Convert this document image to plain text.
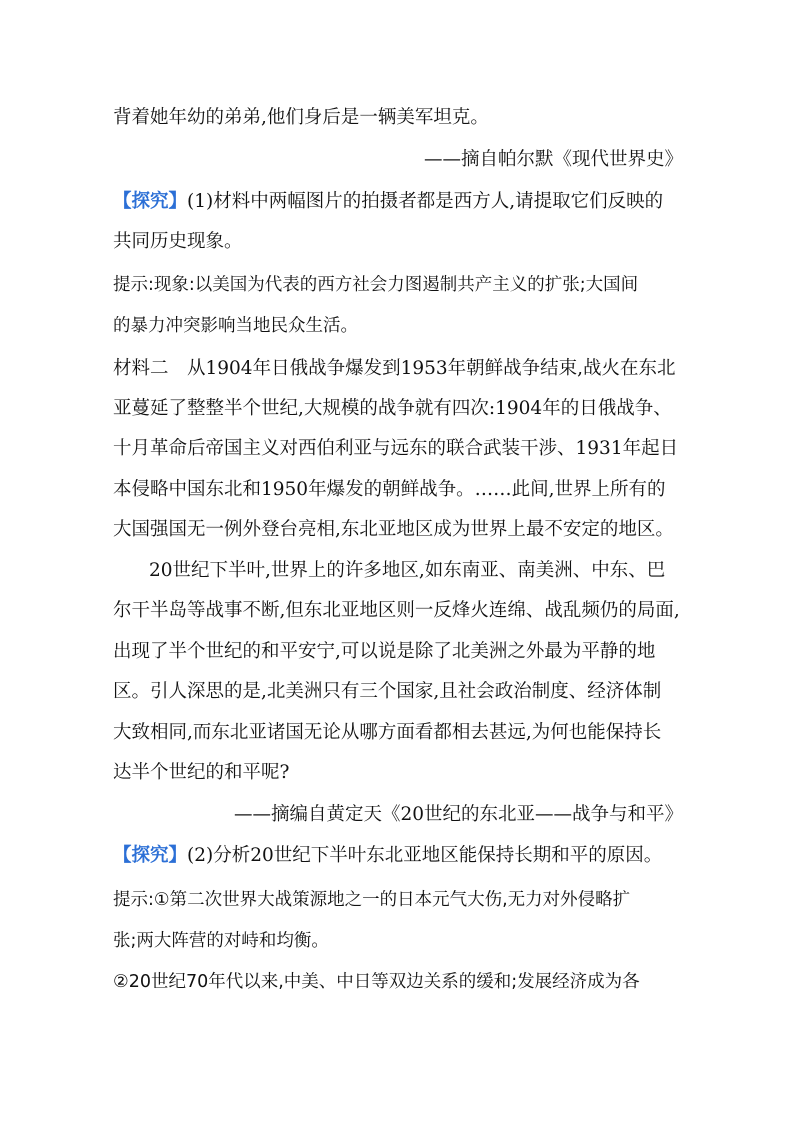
背着她年幼的弟弟,他们身后是一辆美军坦克。
——摘自帕尔默《现代世界史》
【探究】(1)材料中两幅图片的拍摄者都是西方人,请提取它们反映的
共同历史现象。
提示:现象:以美国为代表的西方社会力图遏制共产主义的扩张;大国间
的暴力冲突影响当地民众生活。
材料二　从1904年日俄战争爆发到1953年朝鲜战争结束,战火在东北
亚蔓延了整整半个世纪,大规模的战争就有四次:1904年的日俄战争、
十月革命后帝国主义对西伯利亚与远东的联合武装干涉、1931年起日
本侵略中国东北和1950年爆发的朝鲜战争。……此间,世界上所有的
大国强国无一例外登台亮相,东北亚地区成为世界上最不安定的地区。
20世纪下半叶,世界上的许多地区,如东南亚、南美洲、中东、巴
尔干半岛等战事不断,但东北亚地区则一反烽火连绵、战乱频仍的局面,
出现了半个世纪的和平安宁,可以说是除了北美洲之外最为平静的地
区。引人深思的是,北美洲只有三个国家,且社会政治制度、经济体制
大致相同,而东北亚诸国无论从哪方面看都相去甚远,为何也能保持长
达半个世纪的和平呢?
——摘编自黄定天《20世纪的东北亚——战争与和平》
【探究】(2)分析20世纪下半叶东北亚地区能保持长期和平的原因。
提示:①第二次世界大战策源地之一的日本元气大伤,无力对外侵略扩
张;两大阵营的对峙和均衡。
②20世纪70年代以来,中美、中日等双边关系的缓和;发展经济成为各
